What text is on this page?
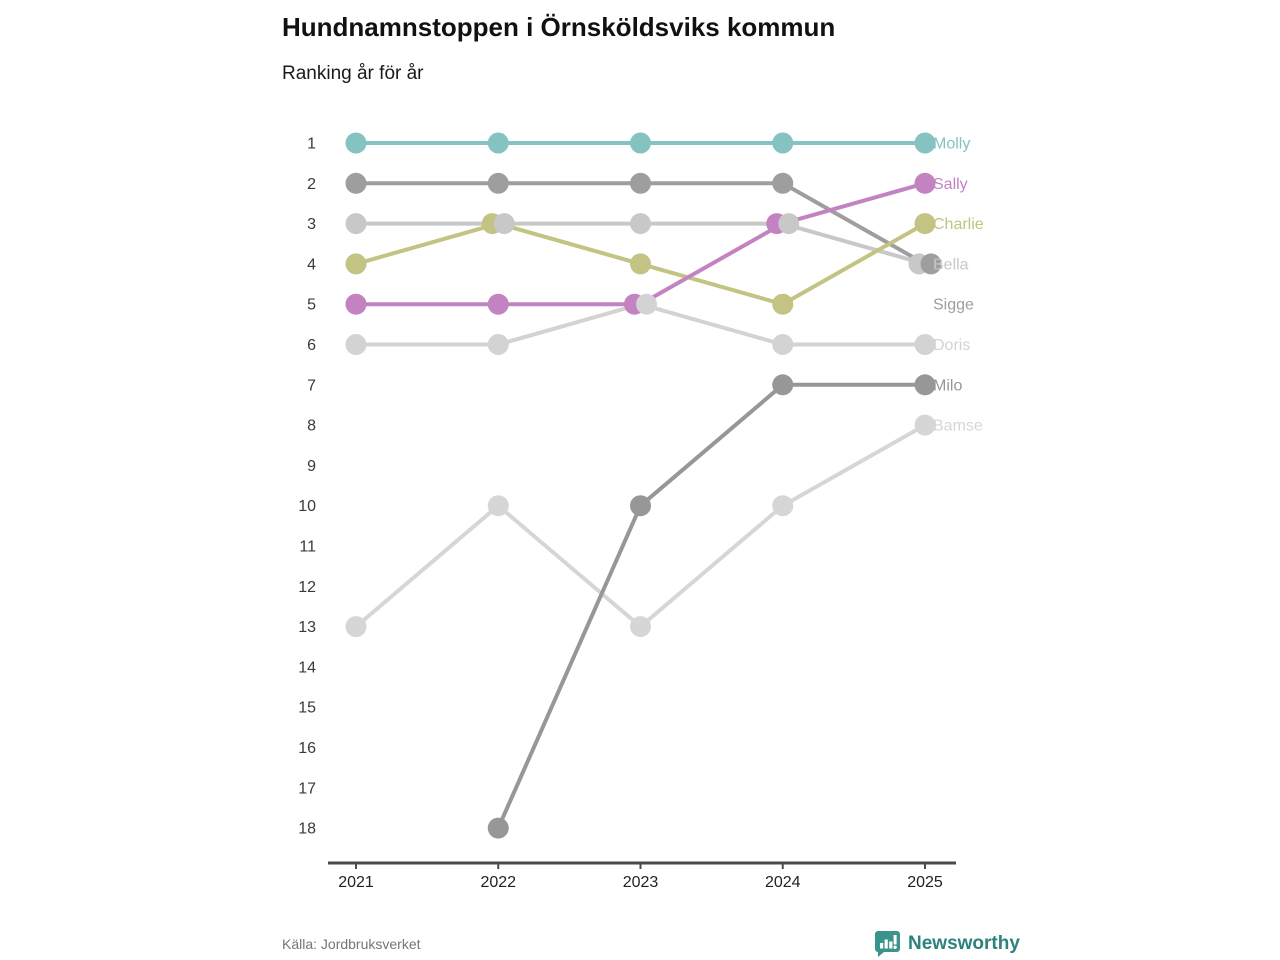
Hundnamnstoppen i Örnsköldsviks kommun
Ranking år för år
1
2
3
4
5
6
7
8
9
10
11
12
13
14
15
16
17
18
2021	2022	2023	2024	2025
Molly
Sally
Charlie
Bella
Sigge
Doris
Milo
Bamse
Källa: Jordbruksverket	Newsworthy
